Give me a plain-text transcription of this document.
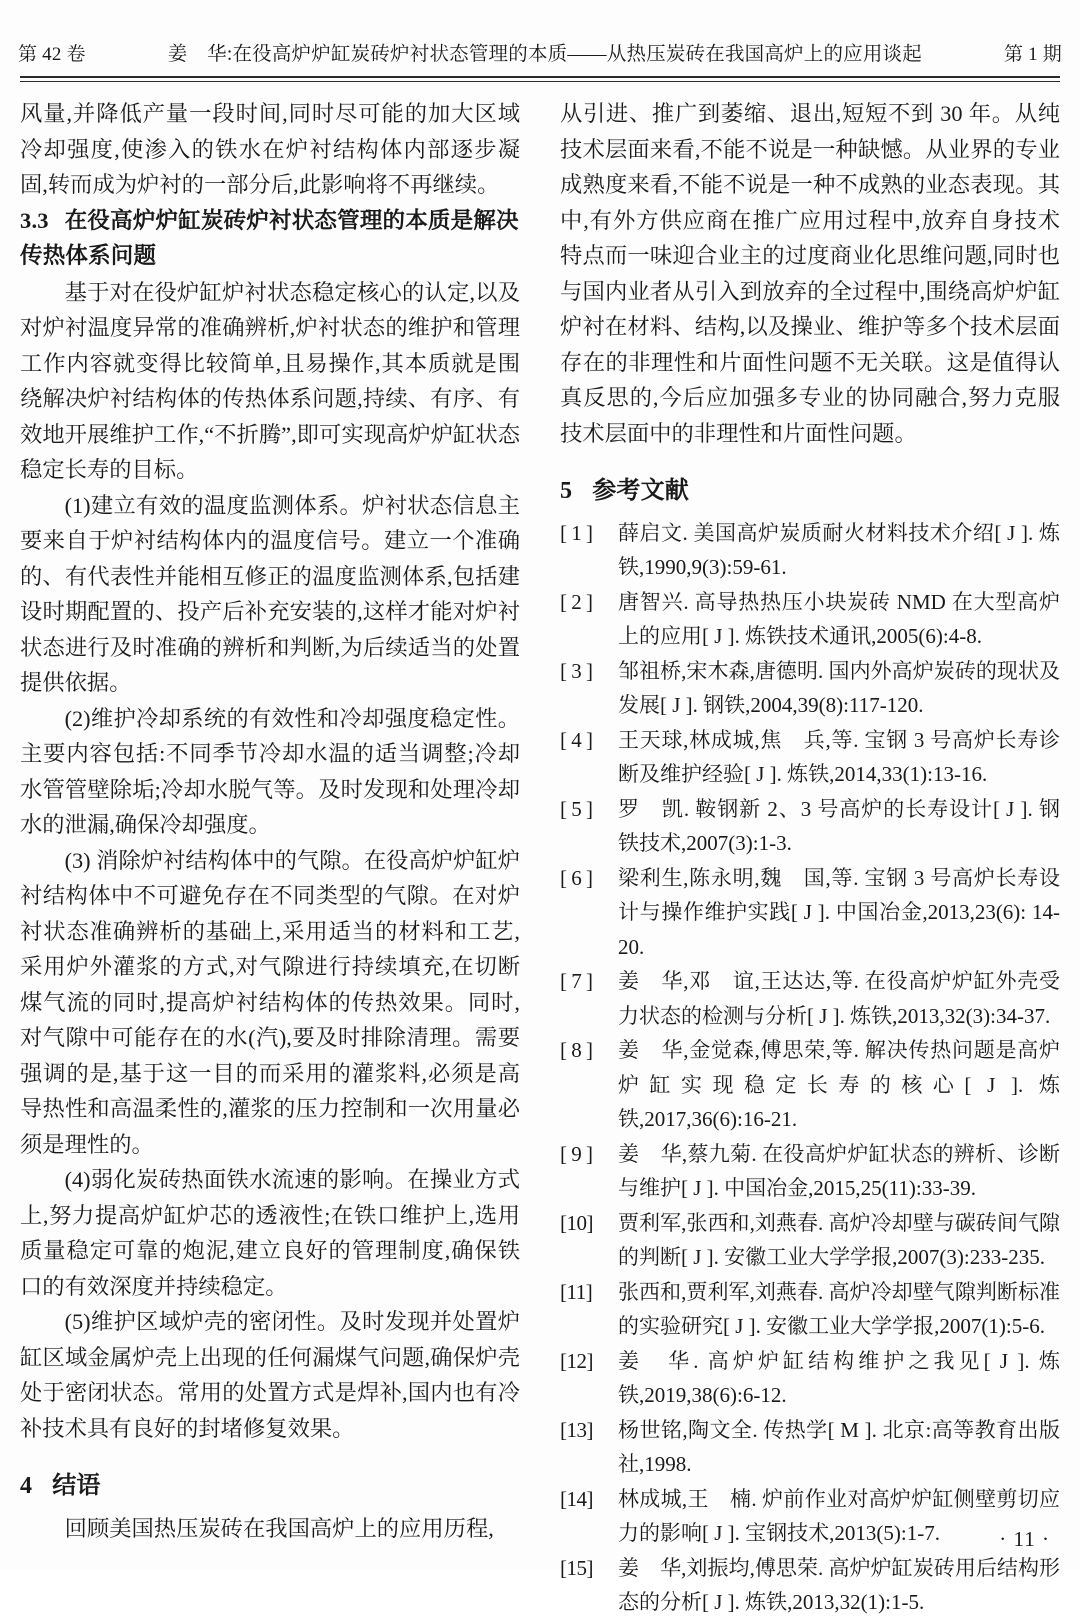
第 42 卷	姜　华:在役高炉炉缸炭砖炉衬状态管理的本质——从热压炭砖在我国高炉上的应用谈起	第 1 期

风量,并降低产量一段时间,同时尽可能的加大区域冷却强度,使渗入的铁水在炉衬结构体内部逐步凝固,转而成为炉衬的一部分后,此影响将不再继续。

3.3 在役高炉炉缸炭砖炉衬状态管理的本质是解决传热体系问题

基于对在役炉缸炉衬状态稳定核心的认定,以及对炉衬温度异常的准确辨析,炉衬状态的维护和管理工作内容就变得比较简单,且易操作,其本质就是围绕解决炉衬结构体的传热体系问题,持续、有序、有效地开展维护工作,“不折腾”,即可实现高炉炉缸状态稳定长寿的目标。

(1)建立有效的温度监测体系。炉衬状态信息主要来自于炉衬结构体内的温度信号。建立一个准确的、有代表性并能相互修正的温度监测体系,包括建设时期配置的、投产后补充安装的,这样才能对炉衬状态进行及时准确的辨析和判断,为后续适当的处置提供依据。

(2)维护冷却系统的有效性和冷却强度稳定性。主要内容包括:不同季节冷却水温的适当调整;冷却水管管壁除垢;冷却水脱气等。及时发现和处理冷却水的泄漏,确保冷却强度。

(3) 消除炉衬结构体中的气隙。在役高炉炉缸炉衬结构体中不可避免存在不同类型的气隙。在对炉衬状态准确辨析的基础上,采用适当的材料和工艺,采用炉外灌浆的方式,对气隙进行持续填充,在切断煤气流的同时,提高炉衬结构体的传热效果。同时,对气隙中可能存在的水(汽),要及时排除清理。需要强调的是,基于这一目的而采用的灌浆料,必须是高导热性和高温柔性的,灌浆的压力控制和一次用量必须是理性的。

(4)弱化炭砖热面铁水流速的影响。在操业方式上,努力提高炉缸炉芯的透液性;在铁口维护上,选用质量稳定可靠的炮泥,建立良好的管理制度,确保铁口的有效深度并持续稳定。

(5)维护区域炉壳的密闭性。及时发现并处置炉缸区域金属炉壳上出现的任何漏煤气问题,确保炉壳处于密闭状态。常用的处置方式是焊补,国内也有冷补技术具有良好的封堵修复效果。

4 结语

回顾美国热压炭砖在我国高炉上的应用历程,

从引进、推广到萎缩、退出,短短不到 30 年。从纯技术层面来看,不能不说是一种缺憾。从业界的专业成熟度来看,不能不说是一种不成熟的业态表现。其中,有外方供应商在推广应用过程中,放弃自身技术特点而一味迎合业主的过度商业化思维问题,同时也与国内业者从引入到放弃的全过程中,围绕高炉炉缸炉衬在材料、结构,以及操业、维护等多个技术层面存在的非理性和片面性问题不无关联。这是值得认真反思的,今后应加强多专业的协同融合,努力克服技术层面中的非理性和片面性问题。

5 参考文献
[ 1 ]	薛启文. 美国高炉炭质耐火材料技术介绍[ J ]. 炼铁,1990,9(3):59-61.
[ 2 ]	唐智兴. 高导热热压小块炭砖 NMD 在大型高炉上的应用[ J ]. 炼铁技术通讯,2005(6):4-8.
[ 3 ]	邹祖桥,宋木森,唐德明. 国内外高炉炭砖的现状及发展[ J ]. 钢铁,2004,39(8):117-120.
[ 4 ]	王天球,林成城,焦　兵,等. 宝钢 3 号高炉长寿诊断及维护经验[ J ]. 炼铁,2014,33(1):13-16.
[ 5 ]	罗　凯. 鞍钢新 2、3 号高炉的长寿设计[ J ]. 钢铁技术,2007(3):1-3.
[ 6 ]	梁利生,陈永明,魏　国,等. 宝钢 3 号高炉长寿设计与操作维护实践[ J ]. 中国冶金,2013,23(6): 14-20.
[ 7 ]	姜　华,邓　谊,王达达,等. 在役高炉炉缸外壳受力状态的检测与分析[ J ]. 炼铁,2013,32(3):34-37.
[ 8 ]	姜　华,金觉森,傅思荣,等. 解决传热问题是高炉炉缸实现稳定长寿的核心[ J ]. 炼铁,2017,36(6):16-21.
[ 9 ]	姜　华,蔡九菊. 在役高炉炉缸状态的辨析、诊断与维护[ J ]. 中国冶金,2015,25(11):33-39.
[10]	贾利军,张西和,刘燕春. 高炉冷却壁与碳砖间气隙的判断[ J ]. 安徽工业大学学报,2007(3):233-235.
[11]	张西和,贾利军,刘燕春. 高炉冷却壁气隙判断标准的实验研究[ J ]. 安徽工业大学学报,2007(1):5-6.
[12]	姜　华. 高炉炉缸结构维护之我见[ J ]. 炼铁,2019,38(6):6-12.
[13]	杨世铭,陶文全. 传热学[ M ]. 北京:高等教育出版社,1998.
[14]	林成城,王　楠. 炉前作业对高炉炉缸侧壁剪切应力的影响[ J ]. 宝钢技术,2013(5):1-7.
[15]	姜　华,刘振均,傅思荣. 高炉炉缸炭砖用后结构形态的分析[ J ]. 炼铁,2013,32(1):1-5.
· 11 ·
